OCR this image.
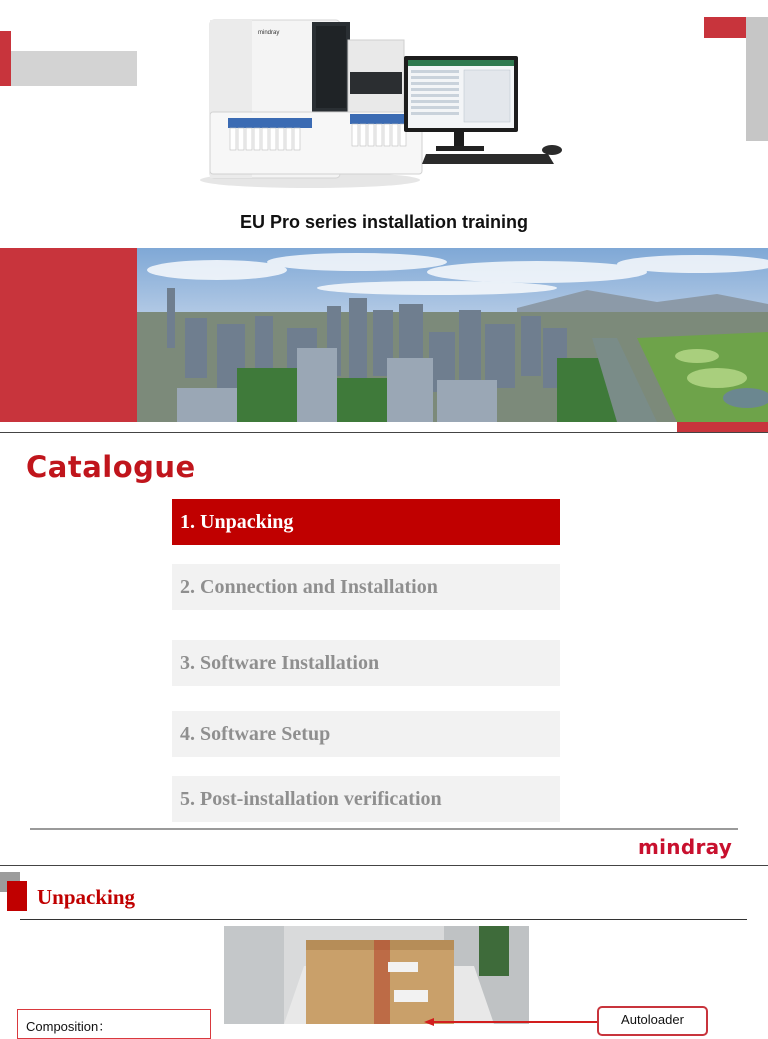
mindray
EU Pro series installation training
Catalogue
1. Unpacking
2. Connection and Installation
3. Software Installation
4. Software Setup
5. Post-installation verification
mindray
Unpacking
Composition：	Autoloader
